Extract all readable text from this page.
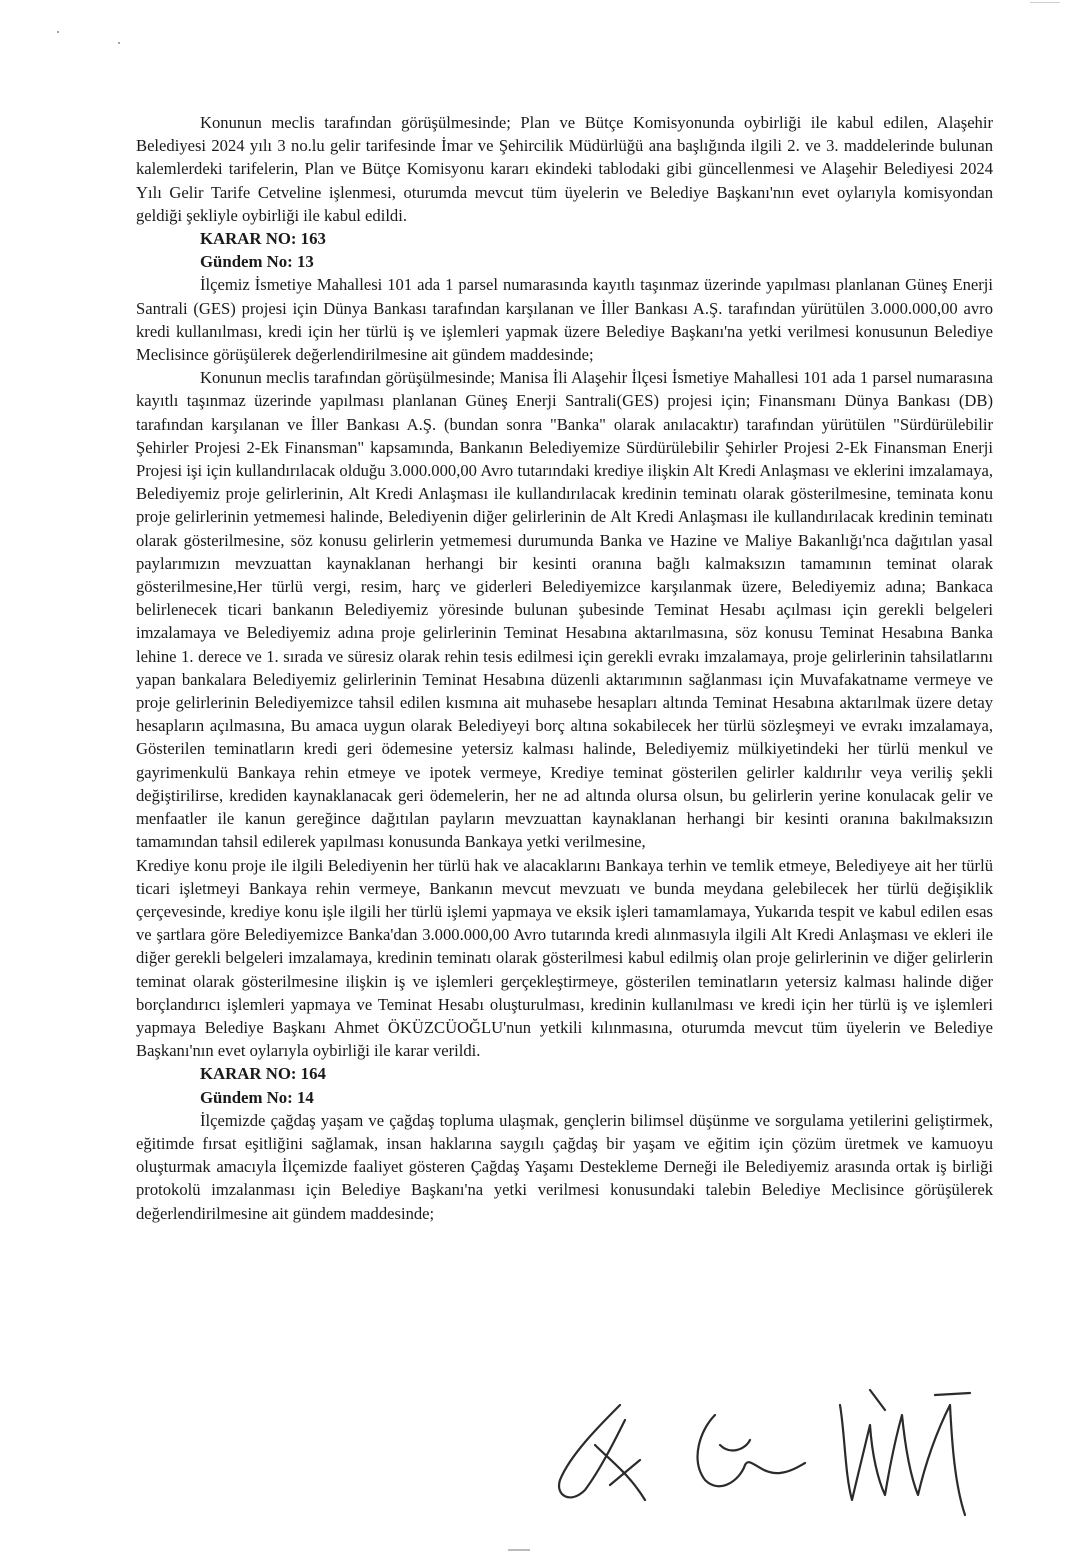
Konunun meclis tarafından görüşülmesinde; Plan ve Bütçe Komisyonunda oybirliği ile kabul edilen, Alaşehir Belediyesi 2024 yılı 3 no.lu gelir tarifesinde İmar ve Şehircilik Müdürlüğü ana başlığında ilgili 2. ve 3. maddelerinde bulunan kalemlerdeki tarifelerin, Plan ve Bütçe Komisyonu kararı ekindeki tablodaki gibi güncellenmesi ve Alaşehir Belediyesi 2024 Yılı Gelir Tarife Cetveline işlenmesi, oturumda mevcut tüm üyelerin ve Belediye Başkanı'nın evet oylarıyla komisyondan geldiği şekliyle oybirliği ile kabul edildi.

KARAR NO: 163
Gündem No: 13

İlçemiz İsmetiye Mahallesi 101 ada 1 parsel numarasında kayıtlı taşınmaz üzerinde yapılması planlanan Güneş Enerji Santrali (GES) projesi için Dünya Bankası tarafından karşılanan ve İller Bankası A.Ş. tarafından yürütülen 3.000.000,00 avro kredi kullanılması, kredi için her türlü iş ve işlemleri yapmak üzere Belediye Başkanı'na yetki verilmesi konusunun Belediye Meclisince görüşülerek değerlendirilmesine ait gündem maddesinde;

Konunun meclis tarafından görüşülmesinde; Manisa İli Alaşehir İlçesi İsmetiye Mahallesi 101 ada 1 parsel numarasına kayıtlı taşınmaz üzerinde yapılması planlanan Güneş Enerji Santrali(GES) projesi için; Finansmanı Dünya Bankası (DB) tarafından karşılanan ve İller Bankası A.Ş. (bundan sonra "Banka" olarak anılacaktır) tarafından yürütülen "Sürdürülebilir Şehirler Projesi 2-Ek Finansman" kapsamında, Bankanın Belediyemize Sürdürülebilir Şehirler Projesi 2-Ek Finansman Enerji Projesi işi için kullandırılacak olduğu 3.000.000,00 Avro tutarındaki krediye ilişkin Alt Kredi Anlaşması ve eklerini imzalamaya, Belediyemiz proje gelirlerinin, Alt Kredi Anlaşması ile kullandırılacak kredinin teminatı olarak gösterilmesine, teminata konu proje gelirlerinin yetmemesi halinde, Belediyenin diğer gelirlerinin de Alt Kredi Anlaşması ile kullandırılacak kredinin teminatı olarak gösterilmesine, söz konusu gelirlerin yetmemesi durumunda Banka ve Hazine ve Maliye Bakanlığı'nca dağıtılan yasal paylarımızın mevzuattan kaynaklanan herhangi bir kesinti oranına bağlı kalmaksızın tamamının teminat olarak gösterilmesine,Her türlü vergi, resim, harç ve giderleri Belediyemizce karşılanmak üzere, Belediyemiz adına; Bankaca belirlenecek ticari bankanın Belediyemiz yöresinde bulunan şubesinde Teminat Hesabı açılması için gerekli belgeleri imzalamaya ve Belediyemiz adına proje gelirlerinin Teminat Hesabına aktarılmasına, söz konusu Teminat Hesabına Banka lehine 1. derece ve 1. sırada ve süresiz olarak rehin tesis edilmesi için gerekli evrakı imzalamaya, proje gelirlerinin tahsilatlarını yapan bankalara Belediyemiz gelirlerinin Teminat Hesabına düzenli aktarımının sağlanması için Muvafakatname vermeye ve proje gelirlerinin Belediyemizce tahsil edilen kısmına ait muhasebe hesapları altında Teminat Hesabına aktarılmak üzere detay hesapların açılmasına, Bu amaca uygun olarak Belediyeyi borç altına sokabilecek her türlü sözleşmeyi ve evrakı imzalamaya, Gösterilen teminatların kredi geri ödemesine yetersiz kalması halinde, Belediyemiz mülkiyetindeki her türlü menkul ve gayrimenkulü Bankaya rehin etmeye ve ipotek vermeye, Krediye teminat gösterilen gelirler kaldırılır veya veriliş şekli değiştirilirse, krediden kaynaklanacak geri ödemelerin, her ne ad altında olursa olsun, bu gelirlerin yerine konulacak gelir ve menfaatler ile kanun gereğince dağıtılan payların mevzuattan kaynaklanan herhangi bir kesinti oranına bakılmaksızın tamamından tahsil edilerek yapılması konusunda Bankaya yetki verilmesine,

Krediye konu proje ile ilgili Belediyenin her türlü hak ve alacaklarını Bankaya terhin ve temlik etmeye, Belediyeye ait her türlü ticari işletmeyi Bankaya rehin vermeye, Bankanın mevcut mevzuatı ve bunda meydana gelebilecek her türlü değişiklik çerçevesinde, krediye konu işle ilgili her türlü işlemi yapmaya ve eksik işleri tamamlamaya, Yukarıda tespit ve kabul edilen esas ve şartlara göre Belediyemizce Banka'dan 3.000.000,00 Avro tutarında kredi alınmasıyla ilgili Alt Kredi Anlaşması ve ekleri ile diğer gerekli belgeleri imzalamaya, kredinin teminatı olarak gösterilmesi kabul edilmiş olan proje gelirlerinin ve diğer gelirlerin teminat olarak gösterilmesine ilişkin iş ve işlemleri gerçekleştirmeye, gösterilen teminatların yetersiz kalması halinde diğer borçlandırıcı işlemleri yapmaya ve Teminat Hesabı oluşturulması, kredinin kullanılması ve kredi için her türlü iş ve işlemleri yapmaya Belediye Başkanı Ahmet ÖKÜZCÜOĞLU'nun yetkili kılınmasına, oturumda mevcut tüm üyelerin ve Belediye Başkanı'nın evet oylarıyla oybirliği ile karar verildi.

KARAR NO: 164
Gündem No: 14

İlçemizde çağdaş yaşam ve çağdaş topluma ulaşmak, gençlerin bilimsel düşünme ve sorgulama yetilerini geliştirmek, eğitimde fırsat eşitliğini sağlamak, insan haklarına saygılı çağdaş bir yaşam ve eğitim için çözüm üretmek ve kamuoyu oluşturmak amacıyla İlçemizde faaliyet gösteren Çağdaş Yaşamı Destekleme Derneği ile Belediyemiz arasında ortak iş birliği protokolü imzalanması için Belediye Başkanı'na yetki verilmesi konusundaki talebin Belediye Meclisince görüşülerek değerlendirilmesine ait gündem maddesinde;
